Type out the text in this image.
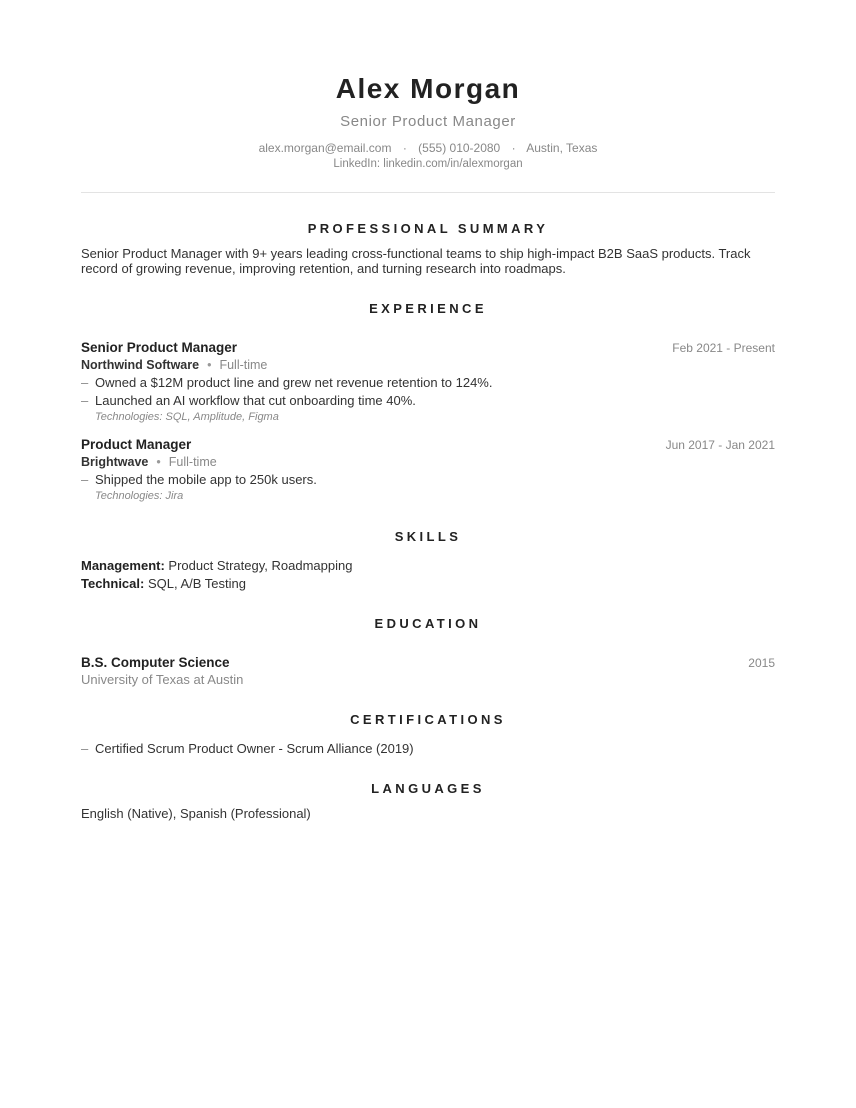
Alex Morgan
Senior Product Manager
alex.morgan@email.com · (555) 010-2080 · Austin, Texas
LinkedIn: linkedin.com/in/alexmorgan
PROFESSIONAL SUMMARY
Senior Product Manager with 9+ years leading cross-functional teams to ship high-impact B2B SaaS products. Track record of growing revenue, improving retention, and turning research into roadmaps.
EXPERIENCE
Senior Product Manager	Feb 2021 - Present
Northwind Software • Full-time
– Owned a $12M product line and grew net revenue retention to 124%.
– Launched an AI workflow that cut onboarding time 40%.
Technologies: SQL, Amplitude, Figma
Product Manager	Jun 2017 - Jan 2021
Brightwave • Full-time
– Shipped the mobile app to 250k users.
Technologies: Jira
SKILLS
Management: Product Strategy, Roadmapping
Technical: SQL, A/B Testing
EDUCATION
B.S. Computer Science	2015
University of Texas at Austin
CERTIFICATIONS
– Certified Scrum Product Owner - Scrum Alliance (2019)
LANGUAGES
English (Native), Spanish (Professional)
